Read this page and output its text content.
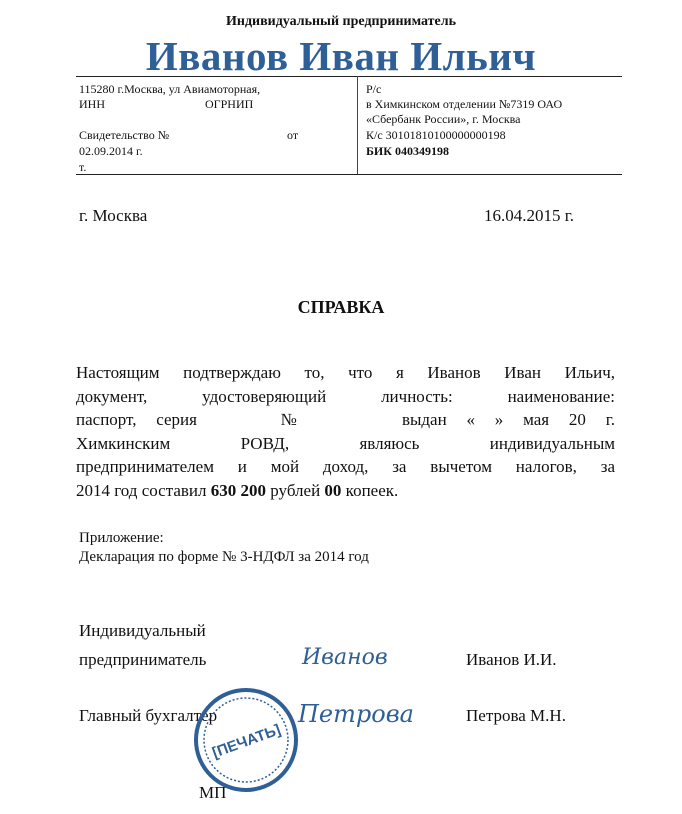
Индивидуальный предприниматель
Иванов Иван Ильич
115280 г.Москва, ул Авиамоторная,
ИНН	ОГРНИП
Свидетельство №	от
02.09.2014 г.
т.
Р/с
в Химкинском отделении №7319 ОАО
«Сбербанк России», г. Москва
К/с 30101810100000000198
БИК 040349198
г. Москва	16.04.2015 г.
СПРАВКА
Настоящим подтверждаю то, что я Иванов Иван Ильич,
документ,	удостоверяющий	личность:	наименование:
паспорт, серия	№	выдан « » мая 20 г.
Химкинским	РОВД,	являюсь	индивидуальным
предпринимателем и мой доход, за вычетом налогов, за
2014 год составил 630 200 рублей 00 копеек.
Приложение:
Декларация по форме № 3-НДФЛ за 2014 год
Индивидуальный
предприниматель	Иванов	Иванов И.И.
Главный бухгалтер	Петрова	Петрова М.Н.
[ПЕЧАТЬ]
МП
